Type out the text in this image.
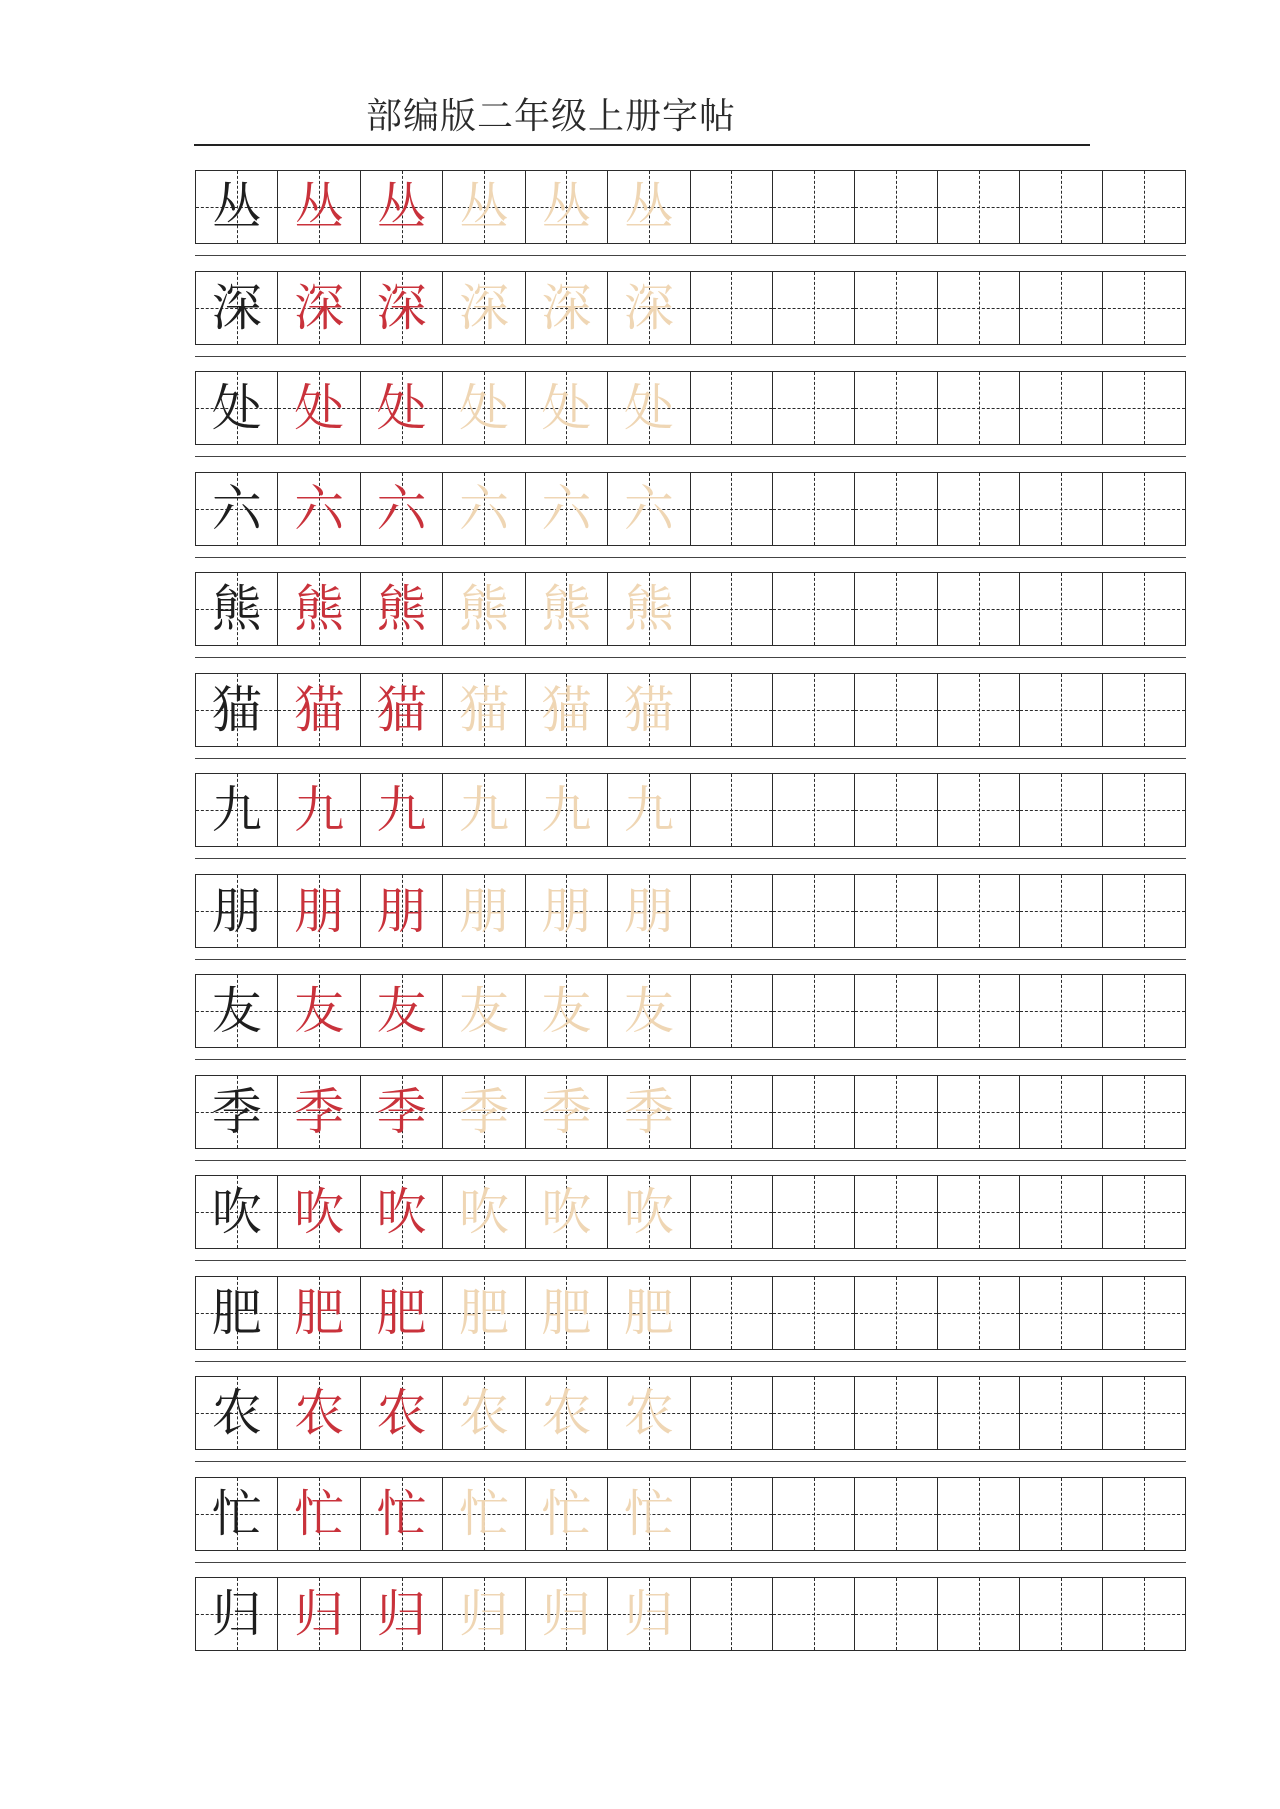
部编版二年级上册字帖
丛 丛 丛 丛 丛 丛
深 深 深 深 深 深
处 处 处 处 处 处
六 六 六 六 六 六
熊 熊 熊 熊 熊 熊
猫 猫 猫 猫 猫 猫
九 九 九 九 九 九
朋 朋 朋 朋 朋 朋
友 友 友 友 友 友
季 季 季 季 季 季
吹 吹 吹 吹 吹 吹
肥 肥 肥 肥 肥 肥
农 农 农 农 农 农
忙 忙 忙 忙 忙 忙
归 归 归 归 归 归
